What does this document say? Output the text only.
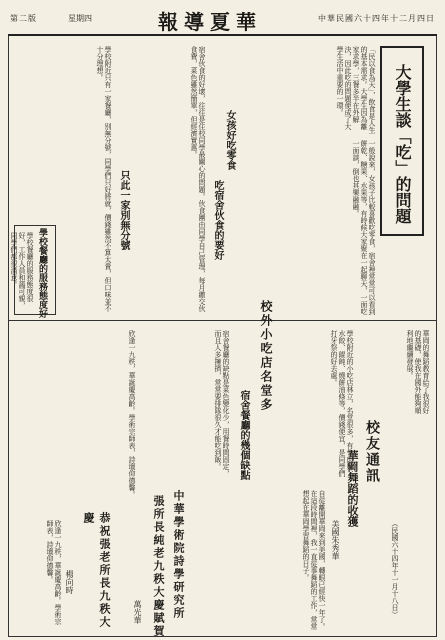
第二版	星期四	報導夏華	中華民國六十四年十二月四日
大學生談「吃」的問題
「民以食為天」，飲食是人生的基本需求。大學生因為離家求學，三餐多半在外解決，因此吃的問題便成了大學生活中重要的一環。
女孩好吃零食	一般說來，女孩子比較喜歡吃零食，宿舍裡常常可以看到餅乾、糖果、水果等，有時候大家聚在一起聊天，一面吃一面談，倒也其樂融融。
吃宿舍伙食的要好
宿舍伙食的好壞，往往是住校同學最關心的問題。伙食團由同學自己管理，每月繳交伙食費，菜色雖然簡單，但經濟實惠。
只此一家別無分號
學校附近只有一家餐廳，別無分號，同學們只好將就，價錢雖然不算太貴，但口味並不十分理想。
學校餐廳的服務態度好
學校餐廳的服務態度很好，工作人員和藹可親，同學們都很滿意。
校外小吃店名堂多	學校附近的小吃店林立，名堂很多，有牛肉麵、水餃、餛飩、燒餅油條等，價錢便宜，是同學們打牙祭的好去處。
宿舍餐廳的幾個缺點
宿舍餐廳的缺點是菜色變化少，用餐時間固定，而且人多擁擠，常常要排隊很久才能吃到飯。	校友通訊
華岡舞蹈的收獲
美國朱秀華	（民國六十四年十一月十八日）
自從離開華岡來到美國，轉眼已經快一年了。在這段時間裡，我一直從事舞蹈的工作，常常想起在華岡學習舞蹈的日子。
華岡的舞蹈教育給了我很好的基礎，使我在國外能夠順利地繼續發展。
中華學術院詩學研究所
張所長純老九秩大慶賦賀
萬光華
恭祝張老所長九秩大慶
楊向時
欣逢一九秩，華誕慶高齡。學術宗師表，詩壇仰德馨。
欣逢一九秩，華誕慶高齡。學術宗師表，詩壇仰德馨。
